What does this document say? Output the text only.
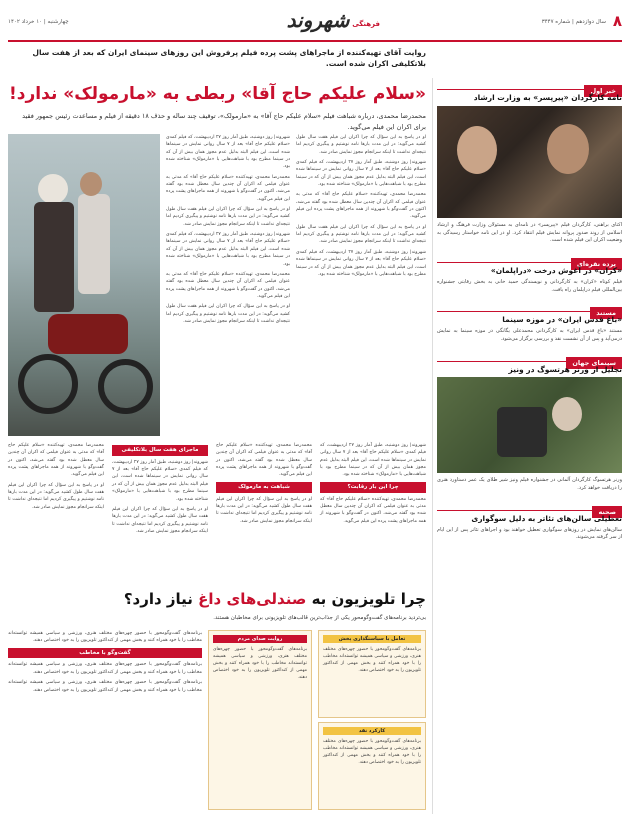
۸
سال دوازدهم | شماره ۳۴۴۷
شهروند فرهنگی
چهارشنبه | ۱۰ خرداد ۱۴۰۲
روایت آقای تهیه‌کننده از ماجراهای پشت پرده فیلم پرفروش این روزهای سینمای ایران که بعد از هفت سال بلاتکلیفی اکران شده است.
«سلام علیکم حاج آقا» ربطی به «مارمولک» ندارد!
محمدرضا محمدی، درباره شباهت فیلم «سلام علیکم حاج آقا» به «مارمولک»، توقیف چند ساله و حذف ۱۸ دقیقه از فیلم و مساعدت رئیس جمهور فقید برای اکران این فیلم می‌گوید.

شهروند| روز دوشنبه، طبق‌ آمار روز ۲۷ اردیبهشت، که فیلم کمدی «سلام علیکم حاج آقا» بعد از ۷ سال روانی نمایش در سینماها شده است، این فیلم البته بدلیل عدم مجوز همان بیش از آن که در سینما مطرح بود با شباهت‌هایی با «مارمولک» شناخته شده بود.

محمدرضا محمدی، تهیه‌کننده «سلام علیکم حاج آقا» که مدتی به عنوان فیلمی که اکران آن چندین سال معطل شده بود گفته می‌شد، اکنون در گفت‌وگو با شهروند از همه ماجراهای پشت پرده این فیلم می‌گوید.

او در پاسخ به این سؤال که چرا اکران این فیلم هفت سال طول کشید می‌گوید: در این مدت بارها نامه نوشتیم و پیگیری کردیم اما نتیجه‌ای نداشت تا اینکه سرانجام مجوز نمایش صادر شد.

شهروند| روز دوشنبه، طبق‌ آمار روز ۲۷ اردیبهشت، که فیلم کمدی «سلام علیکم حاج آقا» بعد از ۷ سال روانی نمایش در سینماها شده است، این فیلم البته بدلیل عدم مجوز همان بیش از آن که در سینما مطرح بود با شباهت‌هایی با «مارمولک» شناخته شده بود.

محمدرضا محمدی، تهیه‌کننده «سلام علیکم حاج آقا» که مدتی به عنوان فیلمی که اکران آن چندین سال معطل شده بود گفته می‌شد، اکنون در گفت‌وگو با شهروند از همه ماجراهای پشت پرده این فیلم می‌گوید.

او در پاسخ به این سؤال که چرا اکران این فیلم هفت سال طول کشید می‌گوید: در این مدت بارها نامه نوشتیم و پیگیری کردیم اما نتیجه‌ای نداشت تا اینکه سرانجام مجوز نمایش صادر شد.

محمدرضا محمدی، تهیه‌کننده «سلام علیکم حاج آقا» که مدتی به عنوان فیلمی که اکران آن چندین سال معطل شده بود گفته می‌شد، اکنون در گفت‌وگو با شهروند از همه ماجراهای پشت پرده این فیلم می‌گوید.

او در پاسخ به این سؤال که چرا اکران این فیلم هفت سال طول کشید می‌گوید: در این مدت بارها نامه نوشتیم و پیگیری کردیم اما نتیجه‌ای نداشت تا اینکه سرانجام مجوز نمایش صادر شد.

ماجرای هفت سال بلاتکلیفی

شهروند| روز دوشنبه، طبق‌ آمار روز ۲۷ اردیبهشت، که فیلم کمدی «سلام علیکم حاج آقا» بعد از ۷ سال روانی نمایش در سینماها شده است، این فیلم البته بدلیل عدم مجوز همان بیش از آن که در سینما مطرح بود با شباهت‌هایی با «مارمولک» شناخته شده بود.

او در پاسخ به این سؤال که چرا اکران این فیلم هفت سال طول کشید می‌گوید: در این مدت بارها نامه نوشتیم و پیگیری کردیم اما نتیجه‌ای نداشت تا اینکه سرانجام مجوز نمایش صادر شد.

محمدرضا محمدی، تهیه‌کننده «سلام علیکم حاج آقا» که مدتی به عنوان فیلمی که اکران آن چندین سال معطل شده بود گفته می‌شد، اکنون در گفت‌وگو با شهروند از همه ماجراهای پشت پرده این فیلم می‌گوید.

شباهت به مارمولک

او در پاسخ به این سؤال که چرا اکران این فیلم هفت سال طول کشید می‌گوید: در این مدت بارها نامه نوشتیم و پیگیری کردیم اما نتیجه‌ای نداشت تا اینکه سرانجام مجوز نمایش صادر شد.

شهروند| روز دوشنبه، طبق‌ آمار روز ۲۷ اردیبهشت، که فیلم کمدی «سلام علیکم حاج آقا» بعد از ۷ سال روانی نمایش در سینماها شده است، این فیلم البته بدلیل عدم مجوز همان بیش از آن که در سینما مطرح بود با شباهت‌هایی با «مارمولک» شناخته شده بود.

چرا این بار رقابت؟

محمدرضا محمدی، تهیه‌کننده «سلام علیکم حاج آقا» که مدتی به عنوان فیلمی که اکران آن چندین سال معطل شده بود گفته می‌شد، اکنون در گفت‌وگو با شهروند از همه ماجراهای پشت پرده این فیلم می‌گوید.

او در پاسخ به این سؤال که چرا اکران این فیلم هفت سال طول کشید می‌گوید: در این مدت بارها نامه نوشتیم و پیگیری کردیم اما نتیجه‌ای نداشت تا اینکه سرانجام مجوز نمایش صادر شد.

شهروند| روز دوشنبه، طبق‌ آمار روز ۲۷ اردیبهشت، که فیلم کمدی «سلام علیکم حاج آقا» بعد از ۷ سال روانی نمایش در سینماها شده است، این فیلم البته بدلیل عدم مجوز همان بیش از آن که در سینما مطرح بود با شباهت‌هایی با «مارمولک» شناخته شده بود.

محمدرضا محمدی، تهیه‌کننده «سلام علیکم حاج آقا» که مدتی به عنوان فیلمی که اکران آن چندین سال معطل شده بود گفته می‌شد، اکنون در گفت‌وگو با شهروند از همه ماجراهای پشت پرده این فیلم می‌گوید.

او در پاسخ به این سؤال که چرا اکران این فیلم هفت سال طول کشید می‌گوید: در این مدت بارها نامه نوشتیم و پیگیری کردیم اما نتیجه‌ای نداشت تا اینکه سرانجام مجوز نمایش صادر شد.

شهروند| روز دوشنبه، طبق‌ آمار روز ۲۷ اردیبهشت، که فیلم کمدی «سلام علیکم حاج آقا» بعد از ۷ سال روانی نمایش در سینماها شده است، این فیلم البته بدلیل عدم مجوز همان بیش از آن که در سینما مطرح بود با شباهت‌هایی با «مارمولک» شناخته شده بود.

چرا تلویزیون به صندلی‌های داغ نیاز دارد؟
بی‌تردید برنامه‌های گفت‌وگومحور یکی از جذاب‌ترین قالب‌های تلویزیونی برای مخاطبان هستند.
تعامل با سیاستگذاری پخش
برنامه‌های گفت‌وگومحور با حضور چهره‌های مختلف هنری، ورزشی و سیاسی همیشه توانسته‌اند مخاطب را با خود همراه کنند و بخش مهمی از کنداکتور تلویزیون را به خود اختصاص دهند.
کارکرد نقد
برنامه‌های گفت‌وگومحور با حضور چهره‌های مختلف هنری، ورزشی و سیاسی همیشه توانسته‌اند مخاطب را با خود همراه کنند و بخش مهمی از کنداکتور تلویزیون را به خود اختصاص دهند.
روایت صدای مردم
برنامه‌های گفت‌وگومحور با حضور چهره‌های مختلف هنری، ورزشی و سیاسی همیشه توانسته‌اند مخاطب را با خود همراه کنند و بخش مهمی از کنداکتور تلویزیون را به خود اختصاص دهند.

برنامه‌های گفت‌وگومحور با حضور چهره‌های مختلف هنری، ورزشی و سیاسی همیشه توانسته‌اند مخاطب را با خود همراه کنند و بخش مهمی از کنداکتور تلویزیون را به خود اختصاص دهند.

گفت‌وگو با مخاطب

برنامه‌های گفت‌وگومحور با حضور چهره‌های مختلف هنری، ورزشی و سیاسی همیشه توانسته‌اند مخاطب را با خود همراه کنند و بخش مهمی از کنداکتور تلویزیون را به خود اختصاص دهند.

برنامه‌های گفت‌وگومحور با حضور چهره‌های مختلف هنری، ورزشی و سیاسی همیشه توانسته‌اند مخاطب را با خود همراه کنند و بخش مهمی از کنداکتور تلویزیون را به خود اختصاص دهند.

خبر اول
نامه کارگردان «پیرپسر» به وزارت ارشاد
اکتای براهنی، کارگردان فیلم «پیرپسر» در نامه‌ای به مسئولان وزارت فرهنگ و ارشاد اسلامی از روند صدور پروانه نمایش فیلم انتقاد کرد. او در این نامه خواستار رسیدگی به وضعیت اکران این فیلم شده است.
پرده نقره‌ای
«کران» در آغوش درخت «دراپلمان»
فیلم کوتاه «کران» به کارگردانی و نویسندگی حمید خانی به بخش رقابتی جشنواره بین‌المللی فیلم دراپلمان راه یافت.
مستند
«باغ قدس ایران» در موزه سینما
مستند «باغ قدس ایران» به کارگردانی محمدعلی یگانگی در موزه سینما به نمایش درمی‌آید و پس از آن نشست نقد و بررسی برگزار می‌شود.
سینمای جهان
تجلیل از ورنر هرتسوگ در ونیز
ورنر هرتسوگ کارگردان آلمانی در جشنواره فیلم ونیز شیر طلای یک عمر دستاورد هنری را دریافت خواهد کرد.
صحنه
تعطیلی سالن‌های تئاتر به دلیل سوگواری
سالن‌های نمایش در روزهای سوگواری تعطیل خواهند بود و اجراهای تئاتر پس از این ایام از سر گرفته می‌شوند.
